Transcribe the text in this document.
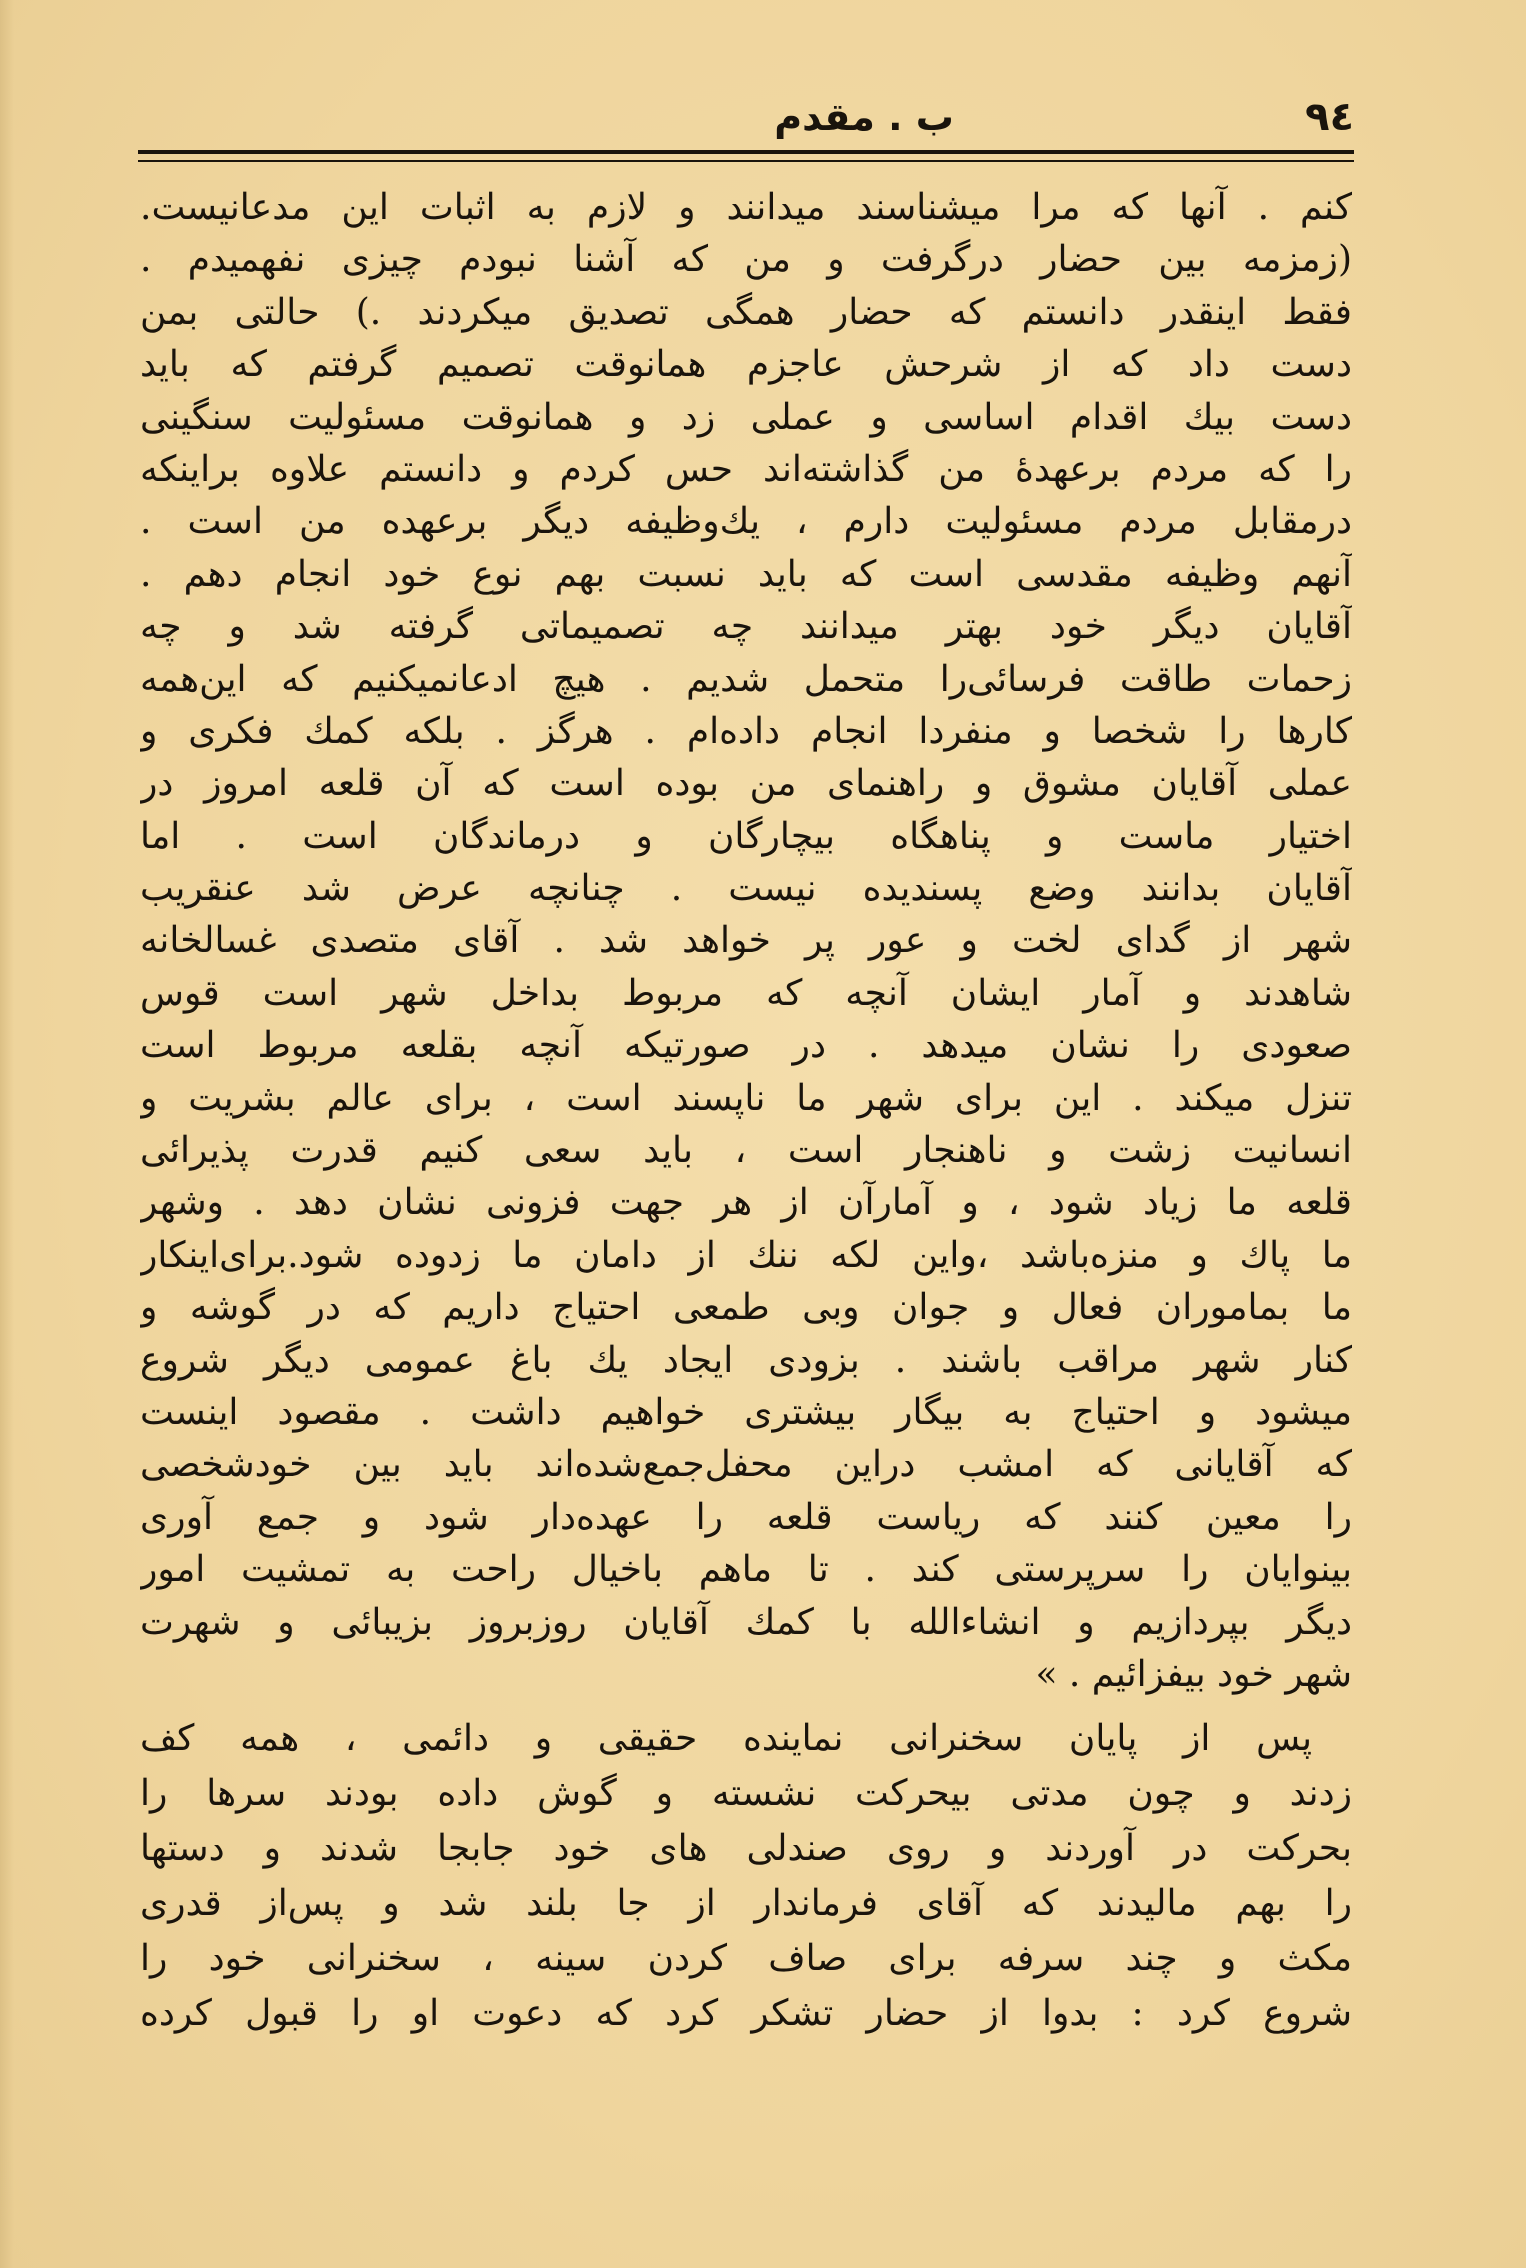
۹٤
ب . مقدم
کنم . آنها که مرا میشناسند میدانند و لازم به اثبات این مدعانیست.
(زمزمه بین حضار درگرفت و من که آشنا نبودم چیزی نفهمیدم .
فقط اینقدر دانستم که حضار همگی تصدیق میکردند .) حالتی بمن
دست داد که از شرحش عاجزم همانوقت تصمیم گرفتم که باید
دست بیك اقدام اساسی و عملی زد و همانوقت مسئولیت سنگینی
را که مردم برعهدهٔ من گذاشته‌اند حس کردم و دانستم علاوه براینکه
درمقابل مردم مسئولیت دارم ، یك‌وظیفه دیگر برعهده من است .
آنهم وظیفه مقدسی است که باید نسبت بهم نوع خود انجام دهم .
آقایان دیگر خود بهتر میدانند چه تصمیماتی گرفته شد و چه
زحمات طاقت فرسائی‌را متحمل شدیم . هیچ ادعانمیکنیم که این‌همه
کارها را شخصا و منفردا انجام داده‌ام . هرگز . بلکه کمك فکری و
عملی آقایان مشوق و راهنمای من بوده است که آن قلعه امروز در
اختیار ماست و پناهگاه بیچارگان و درماندگان است . اما
آقایان بدانند وضع پسندیده نیست . چنانچه عرض شد عنقریب
شهر از گدای لخت و عور پر خواهد شد . آقای متصدی غسالخانه
شاهدند و آمار ایشان آنچه که مربوط بداخل شهر است قوس
صعودی را نشان میدهد . در صورتیکه آنچه بقلعه مربوط است
تنزل میکند . این برای شهر ما ناپسند است ، برای عالم بشریت و
انسانیت زشت و ناهنجار است ، باید سعی کنیم قدرت پذیرائی
قلعه ما زیاد شود ، و آمارآن از هر جهت فزونی نشان دهد . وشهر
ما پاك و منزه‌باشد ،واین لکه ننك از دامان ما زدوده شود.برای‌اینکار
ما بماموران فعال و جوان وبی طمعی احتیاج داریم که در گوشه و
کنار شهر مراقب باشند . بزودی ایجاد یك باغ عمومی دیگر شروع
میشود و احتیاج به بیگار بیشتری خواهیم داشت . مقصود اینست
که آقایانی که امشب دراین محفل‌جمع‌شده‌اند باید بین خودشخصی
را معین کنند که ریاست قلعه را عهده‌دار شود و جمع آوری
بینوایان را سرپرستی کند . تا ماهم باخیال راحت به تمشیت امور
دیگر بپردازیم و انشاءالله با کمك آقایان روزبروز بزیبائی و شهرت
شهر خود بیفزائیم . »
پس از پایان سخنرانی نماینده حقیقی و دائمی ، همه کف
زدند و چون مدتی بیحرکت نشسته و گوش داده بودند سرها را
بحرکت در آوردند و روی صندلی های خود جابجا شدند و دستها
را بهم مالیدند که آقای فرماندار از جا بلند شد و پس‌از قدری
مکث و چند سرفه برای صاف کردن سینه ، سخنرانی خود را
شروع کرد : بدوا از حضار تشکر کرد که دعوت او را قبول کرده
